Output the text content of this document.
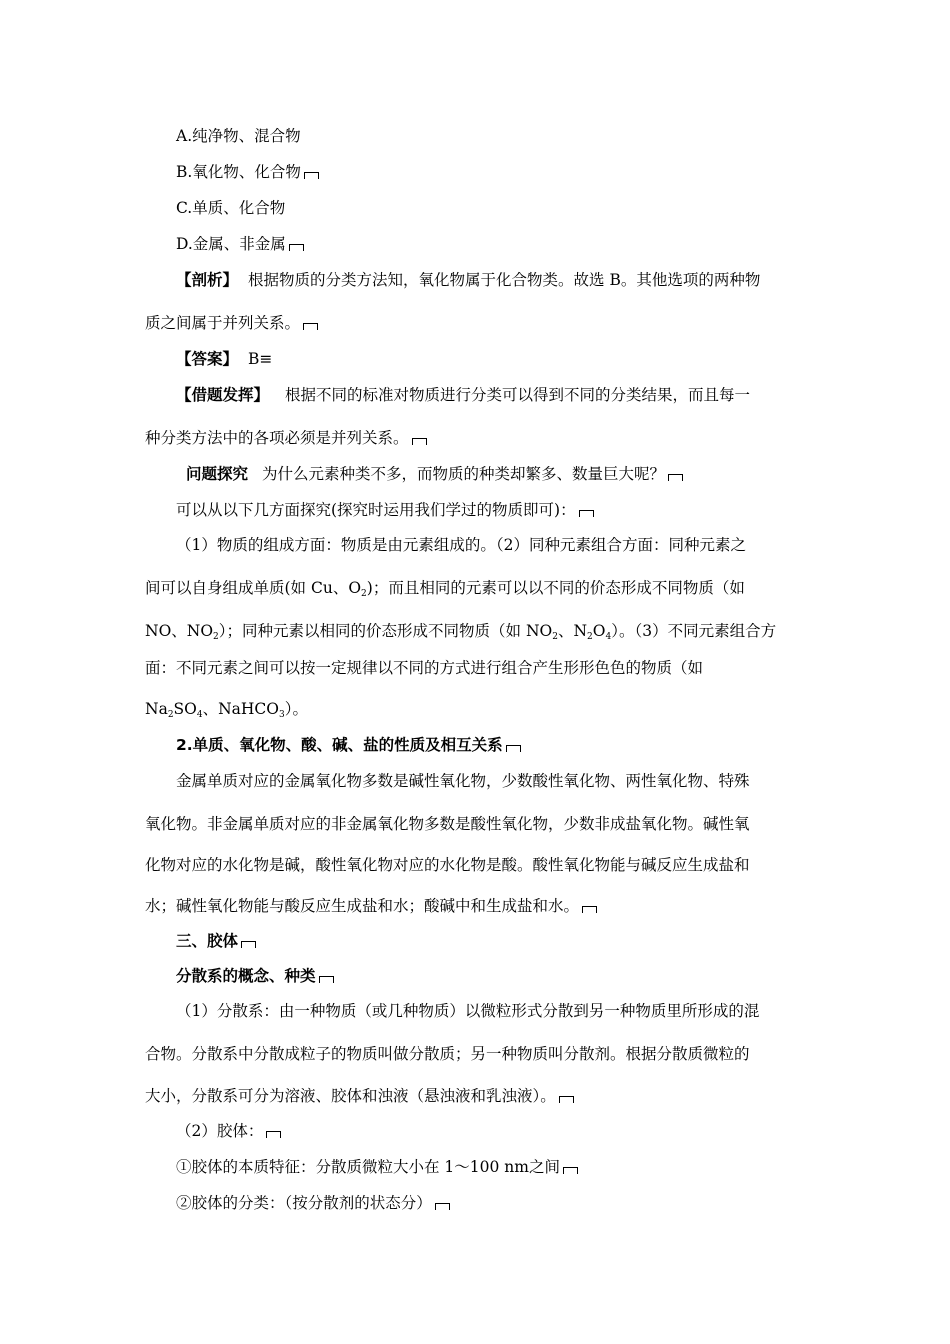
A.纯净物、混合物
B.氧化物、化合物
C.单质、化合物
D.金属、非金属
【剖析】 根据物质的分类方法知，氧化物属于化合物类。故选 B。其他选项的两种物
质之间属于并列关系。
【答案】 B≡
【借题发挥】 根据不同的标准对物质进行分类可以得到不同的分类结果，而且每一
种分类方法中的各项必须是并列关系。
问题探究 为什么元素种类不多，而物质的种类却繁多、数量巨大呢？
可以从以下几方面探究(探究时运用我们学过的物质即可)：
（1）物质的组成方面：物质是由元素组成的。（2）同种元素组合方面：同种元素之
间可以自身组成单质(如 Cu、$O_2$)；而且相同的元素可以以不同的价态形成不同物质（如
NO、$NO_2$）；同种元素以相同的价态形成不同物质（如 $NO_2$、$N_2O_4$）。（3）不同元素组合方
面：不同元素之间可以按一定规律以不同的方式进行组合产生形形色色的物质（如
$Na_2SO_4$、NaHCO$_3$）。
2.单质、氧化物、酸、碱、盐的性质及相互关系
金属单质对应的金属氧化物多数是碱性氧化物，少数酸性氧化物、两性氧化物、特殊
氧化物。非金属单质对应的非金属氧化物多数是酸性氧化物，少数非成盐氧化物。碱性氧
化物对应的水化物是碱，酸性氧化物对应的水化物是酸。酸性氧化物能与碱反应生成盐和
水；碱性氧化物能与酸反应生成盐和水；酸碱中和生成盐和水。
三、胶体
分散系的概念、种类
（1）分散系：由一种物质（或几种物质）以微粒形式分散到另一种物质里所形成的混
合物。分散系中分散成粒子的物质叫做分散质；另一种物质叫分散剂。根据分散质微粒的
大小，分散系可分为溶液、胶体和浊液（悬浊液和乳浊液）。
（2）胶体：
①胶体的本质特征：分散质微粒大小在 1～100 nm之间
②胶体的分类：（按分散剂的状态分）
